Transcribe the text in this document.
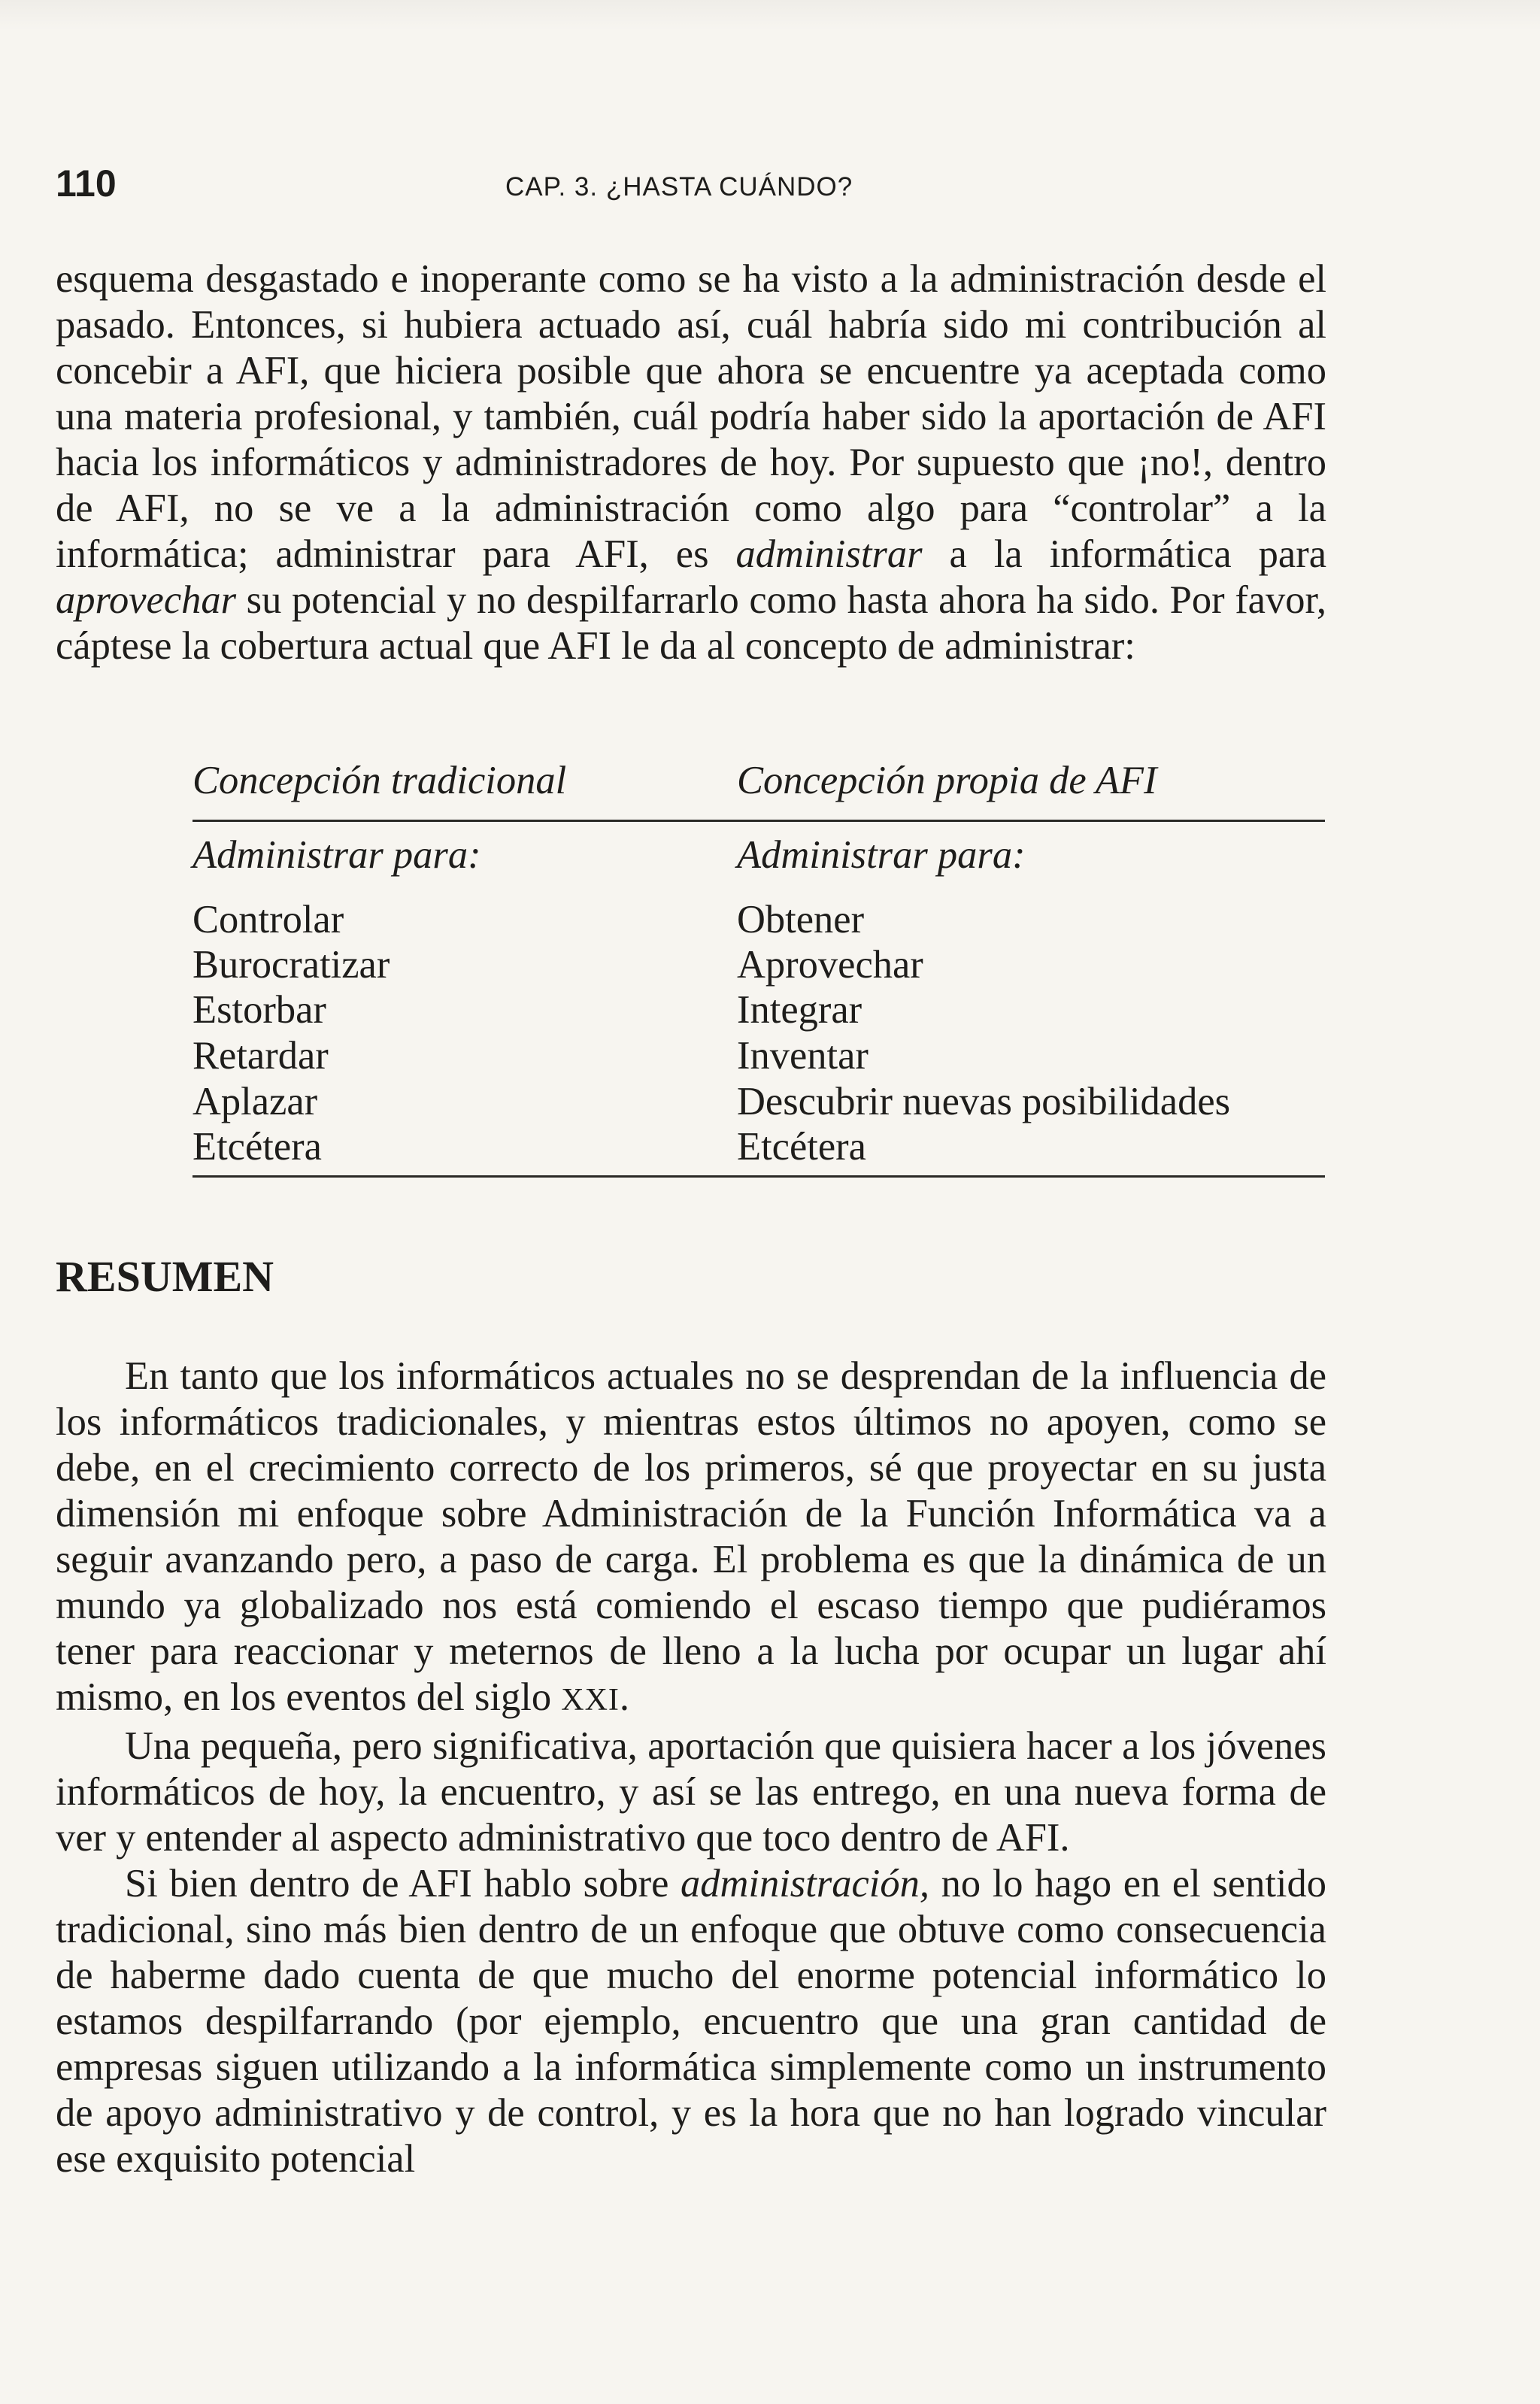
110	CAP. 3. ¿HASTA CUÁNDO?

esquema desgastado e inoperante como se ha visto a la administración desde el pasado. Entonces, si hubiera actuado así, cuál habría sido mi contribución al concebir a AFI, que hiciera posible que ahora se encuentre ya aceptada como una materia profesional, y también, cuál podría haber sido la aportación de AFI hacia los informáticos y administradores de hoy. Por supuesto que ¡no!, dentro de AFI, no se ve a la administración como algo para “controlar” a la informática; administrar para AFI, es administrar a la informática para aprovechar su potencial y no despilfarrarlo como hasta ahora ha sido. Por favor, cáptese la cobertura actual que AFI le da al concepto de administrar:

Concepción tradicional	Concepción propia de AFI
Administrar para:	Administrar para:
Controlar	Obtener
Burocratizar	Aprovechar
Estorbar	Integrar
Retardar	Inventar
Aplazar	Descubrir nuevas posibilidades
Etcétera	Etcétera
RESUMEN

En tanto que los informáticos actuales no se desprendan de la influencia de los informáticos tradicionales, y mientras estos últimos no apoyen, como se debe, en el crecimiento correcto de los primeros, sé que proyectar en su justa dimensión mi enfoque sobre Administración de la Función Informática va a seguir avanzando pero, a paso de carga. El problema es que la dinámica de un mundo ya globalizado nos está comiendo el escaso tiempo que pudiéramos tener para reaccionar y meternos de lleno a la lucha por ocupar un lugar ahí mismo, en los eventos del siglo XXI.

Una pequeña, pero significativa, aportación que quisiera hacer a los jóvenes informáticos de hoy, la encuentro, y así se las entrego, en una nueva forma de ver y entender al aspecto administrativo que toco dentro de AFI.

Si bien dentro de AFI hablo sobre administración, no lo hago en el sentido tradicional, sino más bien dentro de un enfoque que obtuve como consecuencia de haberme dado cuenta de que mucho del enorme potencial informático lo estamos despilfarrando (por ejemplo, encuentro que una gran cantidad de empresas siguen utilizando a la informática simplemente como un instrumento de apoyo administrativo y de control, y es la hora que no han logrado vincular ese exquisito potencial
